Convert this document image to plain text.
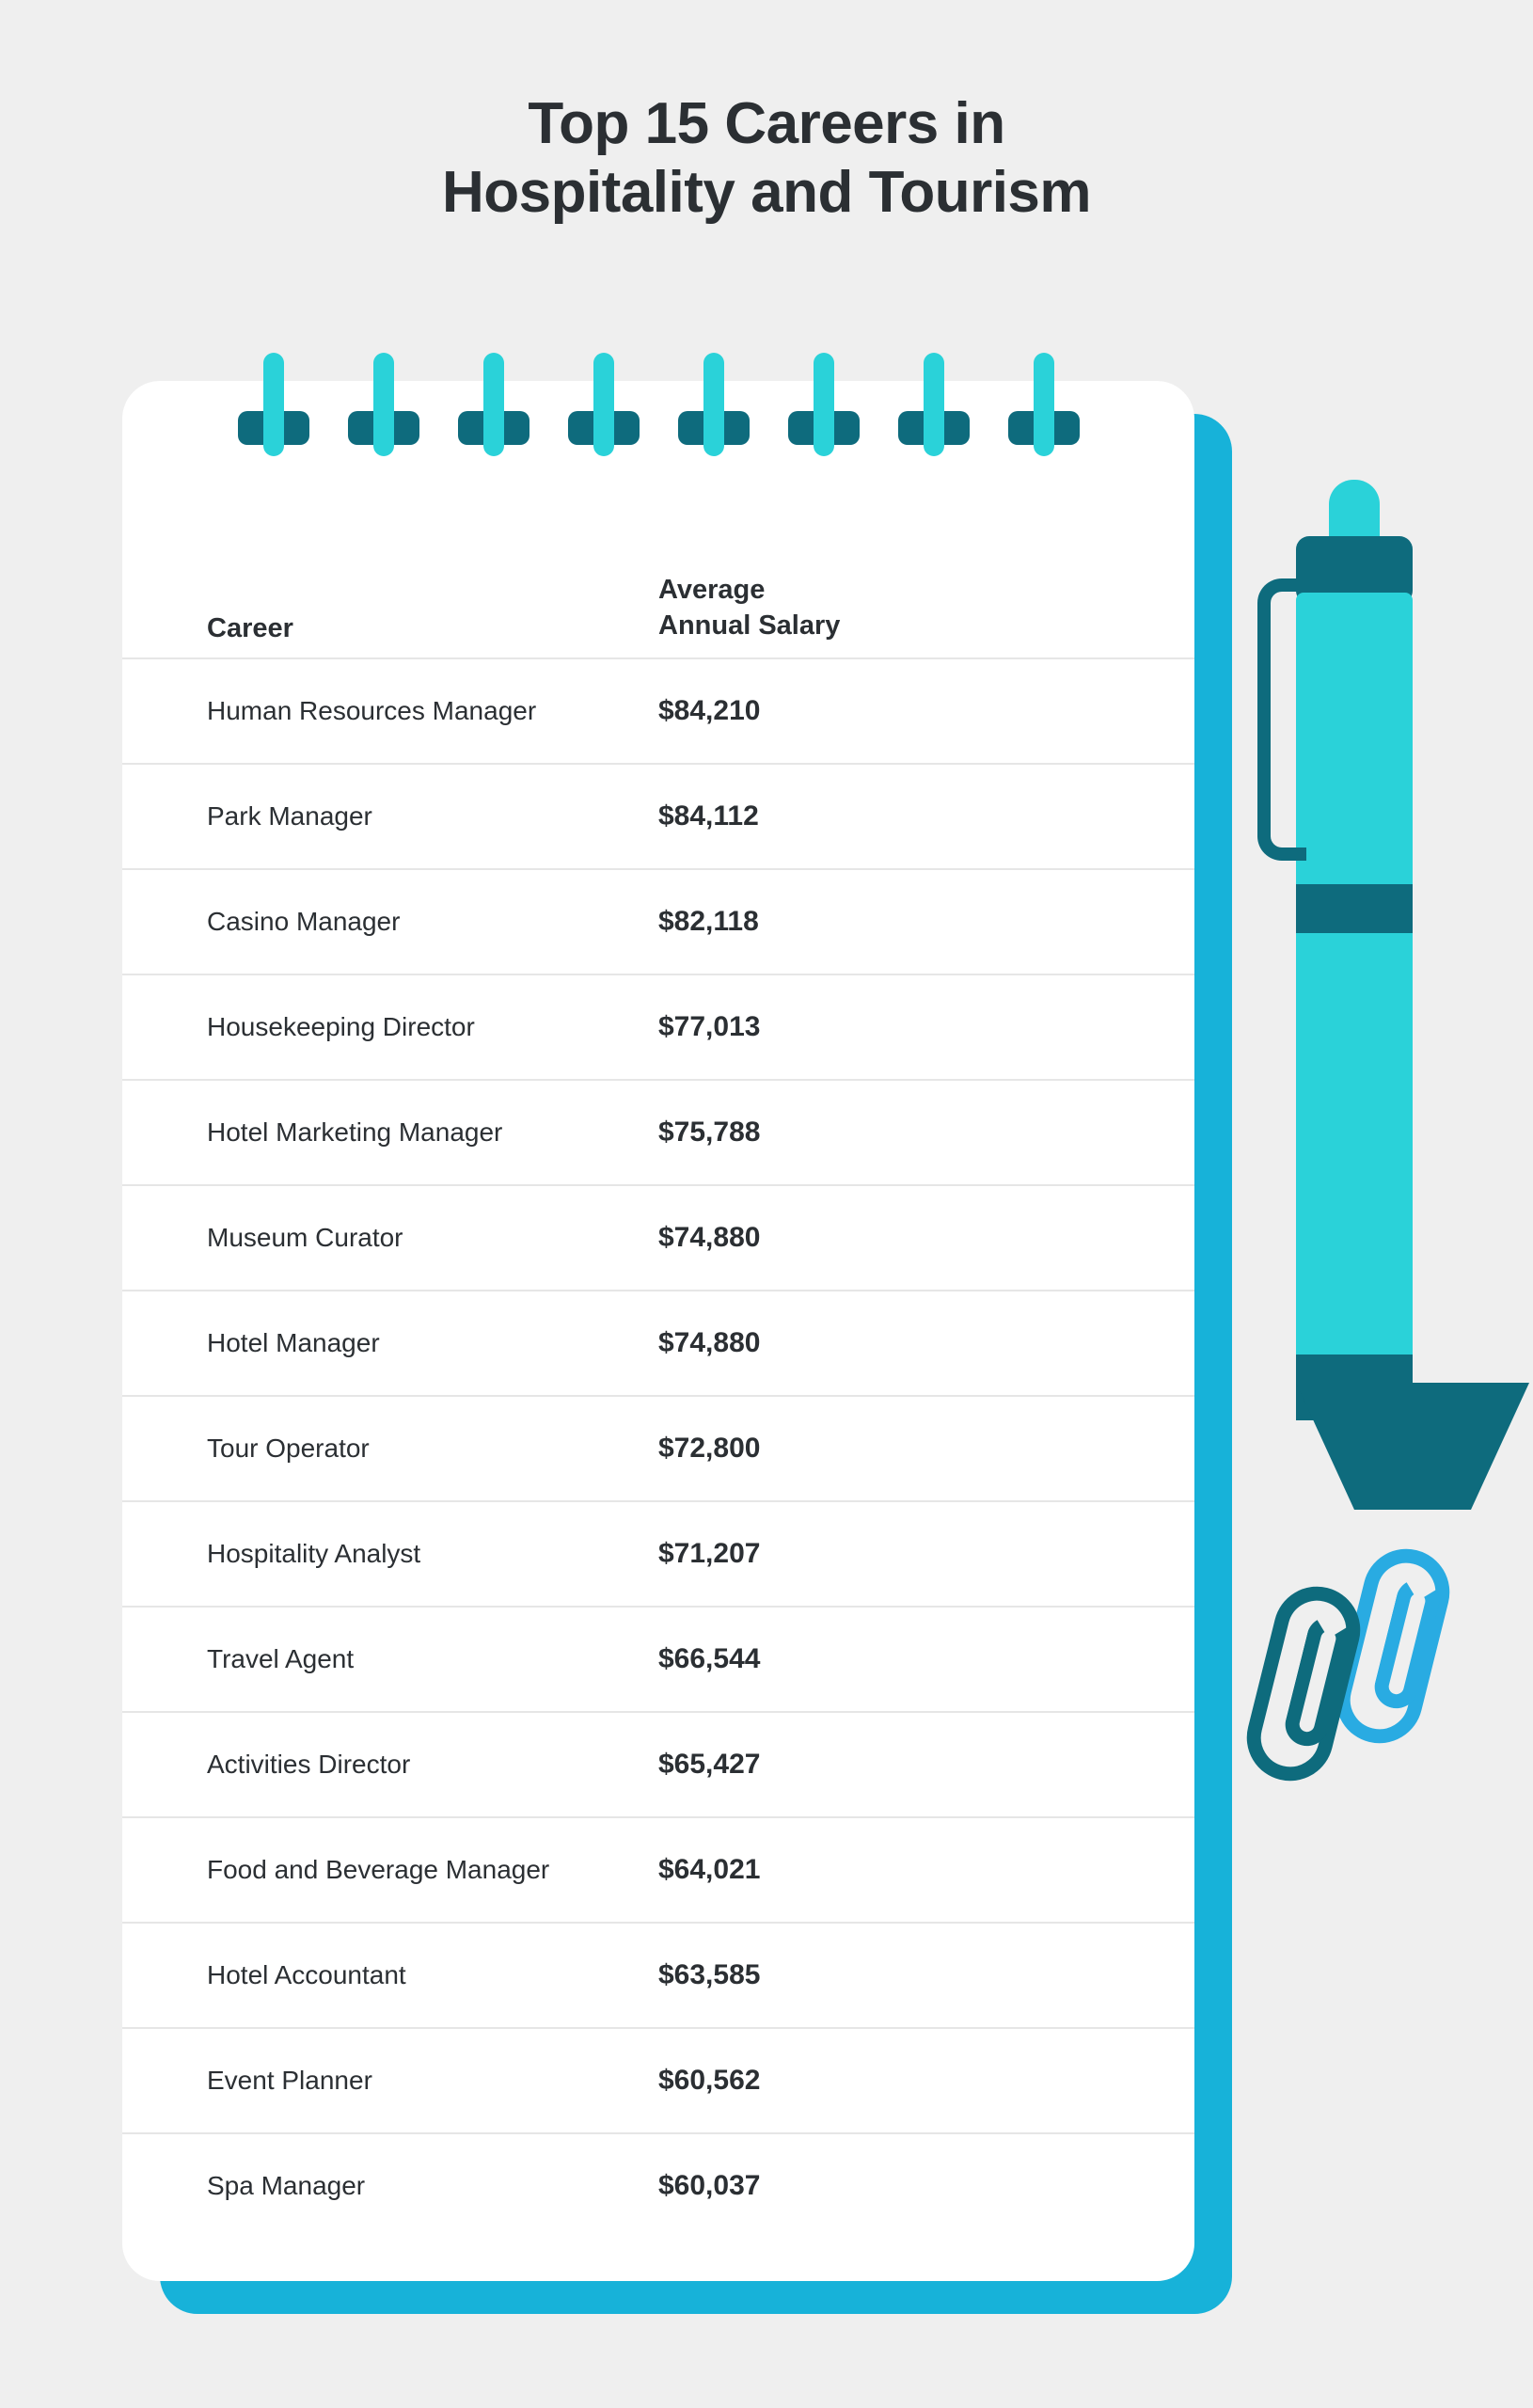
Top 15 Careers in
Hospitality and Tourism
Career
Average
Annual Salary
Human Resources Manager	$84,210
Park Manager	$84,112
Casino Manager	$82,118
Housekeeping Director	$77,013
Hotel Marketing Manager	$75,788
Museum Curator	$74,880
Hotel Manager	$74,880
Tour Operator	$72,800
Hospitality Analyst	$71,207
Travel Agent	$66,544
Activities Director	$65,427
Food and Beverage Manager	$64,021
Hotel Accountant	$63,585
Event Planner	$60,562
Spa Manager	$60,037
